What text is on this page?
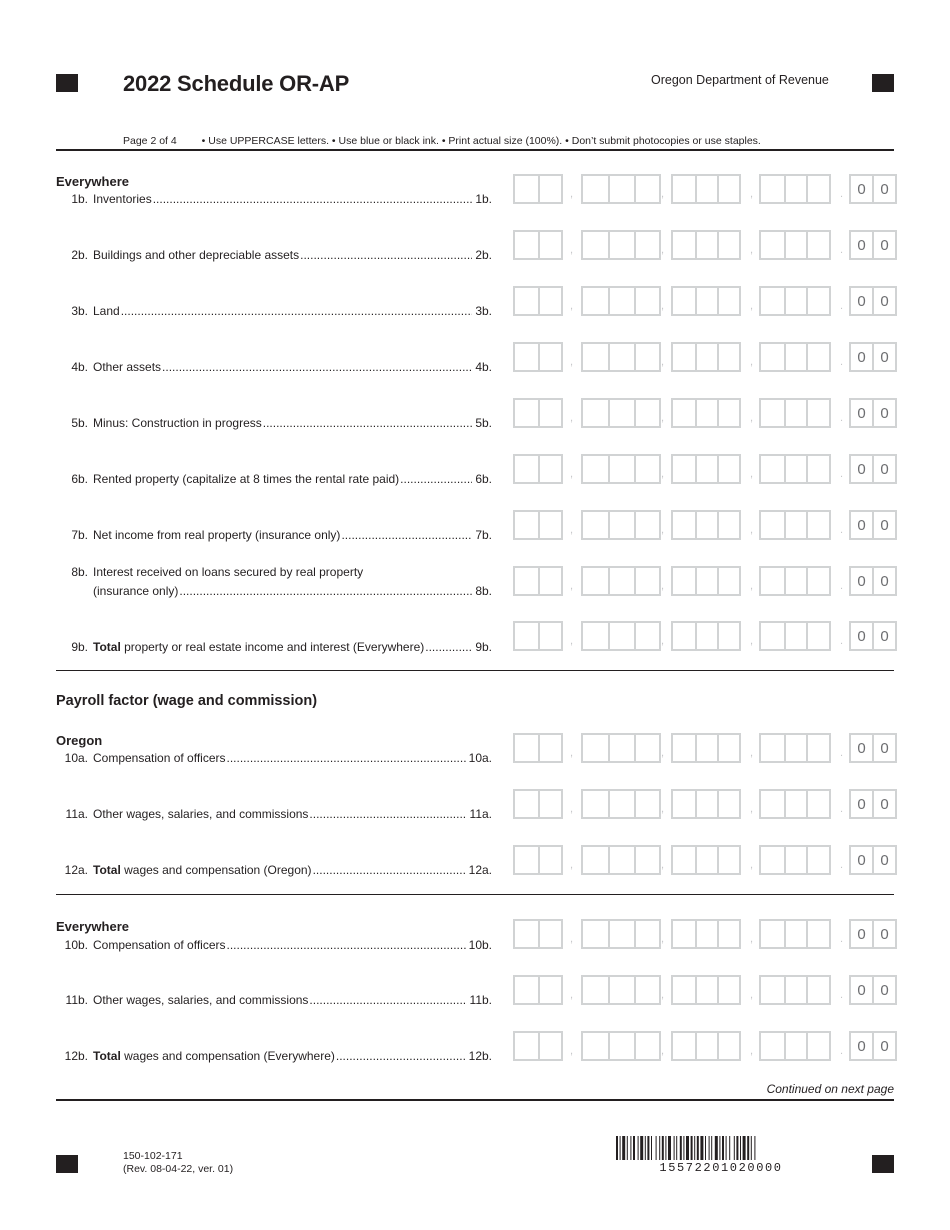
2022 Schedule OR-AP	Oregon Department of Revenue
Page 2 of 4 • Use UPPERCASE letters. • Use blue or black ink. • Print actual size (100%). • Don’t submit photocopies or use staples.
Everywhere
1b. Inventories .....	1b.	,	,	,	. 0 0
2b. Buildings and other depreciable assets .....	2b.	,	,	,	. 0 0
3b. Land .....	3b.	,	,	,	. 0 0
4b. Other assets .....	4b.	,	,	,	. 0 0
5b. Minus: Construction in progress .....	5b.	,	,	,	. 0 0
6b. Rented property (capitalize at 8 times the rental rate paid) .....	6b.	,	,	,	. 0 0
7b. Net income from real property (insurance only) .....	7b.	,	,	,	. 0 0
8b. Interest received on loans secured by real property
(insurance only) .....	8b.	,	,	,	. 0 0
9b. Total property or real estate income and interest (Everywhere) .....	9b.	,	,	,	. 0 0
Payroll factor (wage and commission)
Oregon
10a. Compensation of officers .....	10a.	,	,	,	. 0 0
11a. Other wages, salaries, and commissions .....	11a.	,	,	,	. 0 0
12a. Total wages and compensation (Oregon) .....	12a.	,	,	,	. 0 0
Everywhere
10b. Compensation of officers .....	10b.	,	,	,	. 0 0
11b. Other wages, salaries, and commissions .....	11b.	,	,	,	. 0 0
12b. Total wages and compensation (Everywhere) .....	12b.	,	,	,	. 0 0
Continued on next page
150-102-171
(Rev. 08-04-22, ver. 01)	15572201020000
